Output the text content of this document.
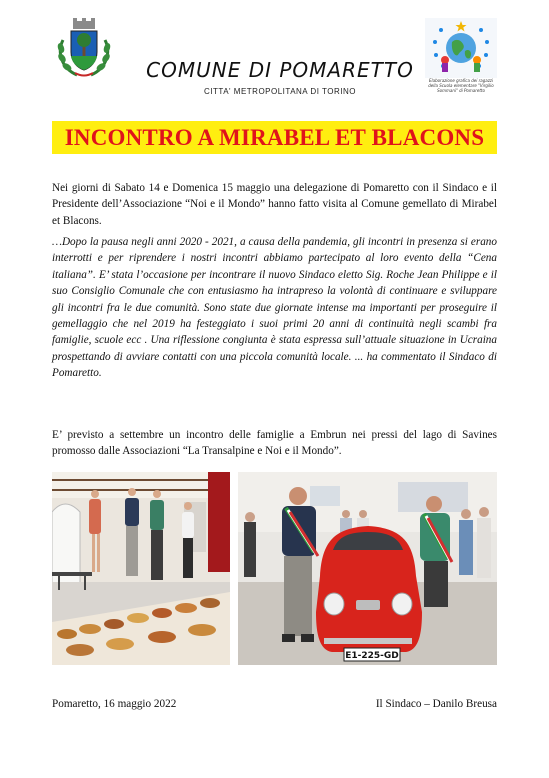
Elaborazione grafica dei ragazzi della Scuola elementare "Virgilio Sommani" di Pomaretto
COMUNE DI POMARETTO
CITTA' METROPOLITANA DI TORINO
INCONTRO A MIRABEL ET BLACONS
Nei giorni di Sabato 14 e Domenica 15 maggio una delegazione di Pomaretto con il Sindaco e il Presidente dell’Associazione “Noi e il Mondo” hanno fatto visita al Comune gemellato di Mirabel et Blacons.
…Dopo la pausa negli anni 2020 - 2021, a causa della pandemia, gli incontri in presenza si erano interrotti e per riprendere i nostri incontri abbiamo partecipato al loro evento della “Cena italiana”. E’ stata l’occasione per incontrare il nuovo Sindaco eletto Sig. Roche Jean Philippe e il suo Consiglio Comunale che con entusiasmo ha intrapreso la volontà di continuare e sviluppare gli incontri fra le due comunità. Sono state due giornate intense ma importanti per proseguire il gemellaggio che nel 2019 ha festeggiato i suoi primi 20 anni di continuità negli scambi fra famiglie, scuole ecc . Una riflessione congiunta è stata espressa sull’attuale situazione in Ucraina prospettando di avviare contatti con una piccola comunità locale. ... ha commentato il Sindaco di Pomaretto.
E’ previsto a settembre un incontro delle famiglie a Embrun nei pressi del lago di Savines promosso dalle Associazioni “La Transalpine e Noi e il Mondo”.
E1-225-GD
Pomaretto, 16 maggio 2022	Il Sindaco – Danilo Breusa
